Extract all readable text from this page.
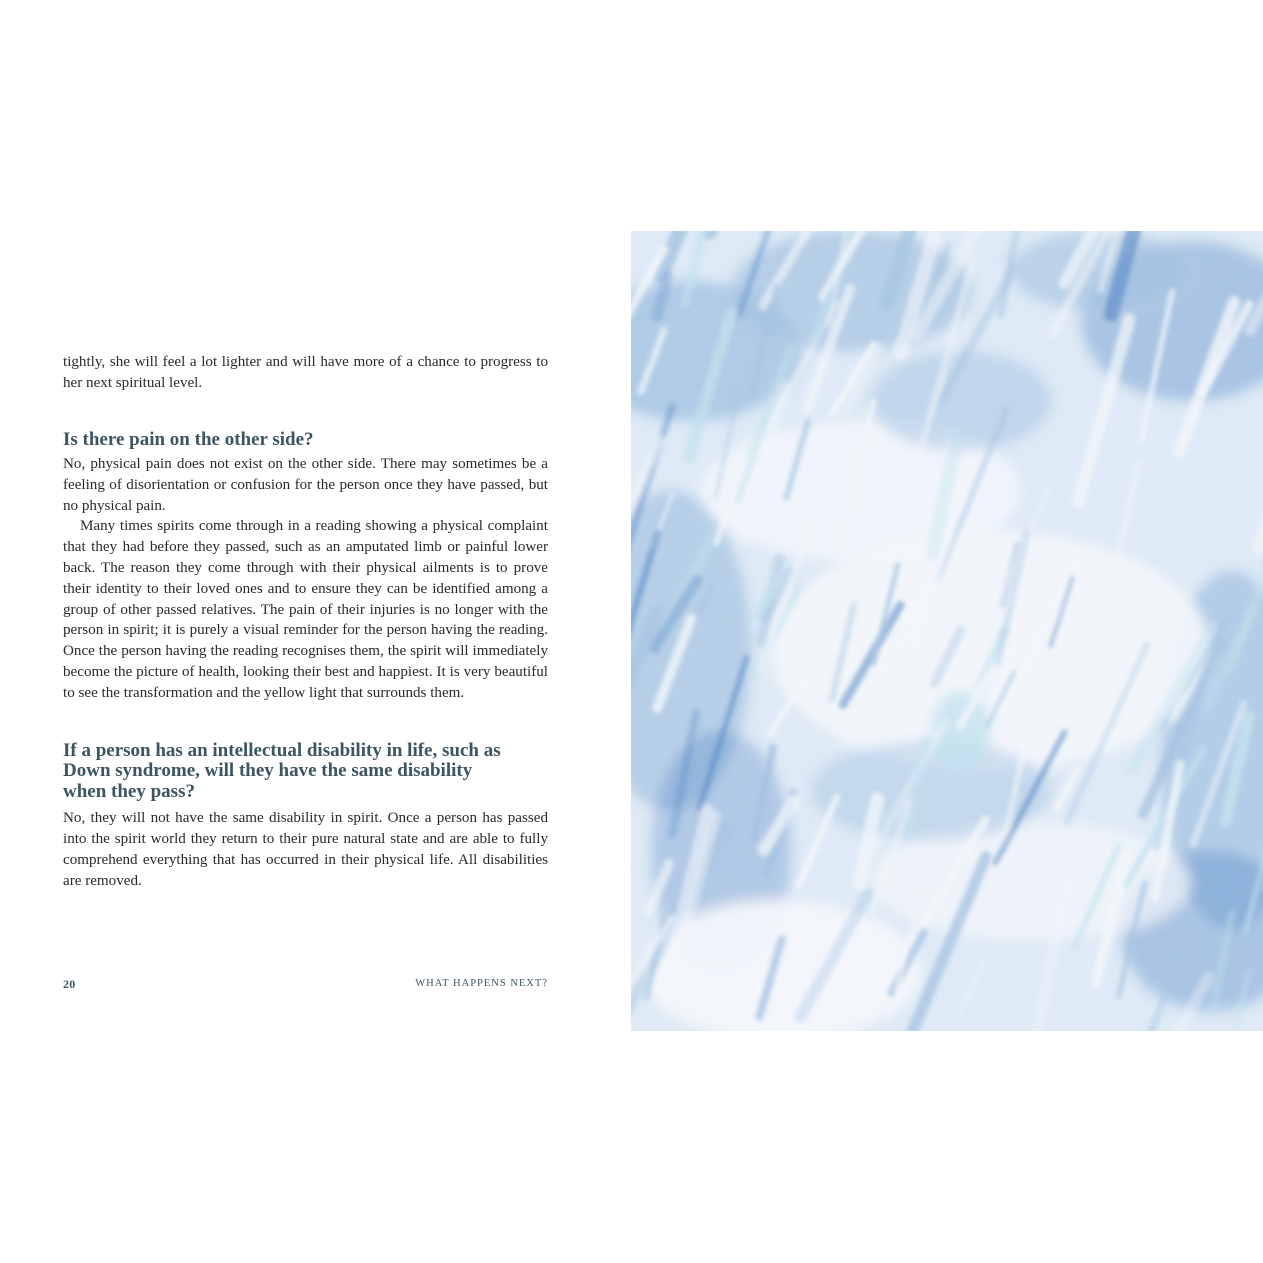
tightly, she will feel a lot lighter and will have more of a chance to progress to her next spiritual level.

Is there pain on the other side?

No, physical pain does not exist on the other side. There may sometimes be a feeling of disorientation or confusion for the person once they have passed, but no physical pain.

Many times spirits come through in a reading showing a physical complaint that they had before they passed, such as an amputated limb or painful lower back. The reason they come through with their physical ailments is to prove their identity to their loved ones and to ensure they can be identified among a group of other passed relatives. The pain of their injuries is no longer with the person in spirit; it is purely a visual reminder for the person having the reading. Once the person having the reading recognises them, the spirit will immediately become the picture of health, looking their best and happiest. It is very beautiful to see the transformation and the yellow light that surrounds them.

If a person has an intellectual disability in life, such as Down syndrome, will they have the same disability when they pass?

No, they will not have the same disability in spirit. Once a person has passed into the spirit world they return to their pure natural state and are able to fully comprehend everything that has occurred in their physical life. All disabilities are removed.

20	WHAT HAPPENS NEXT?
